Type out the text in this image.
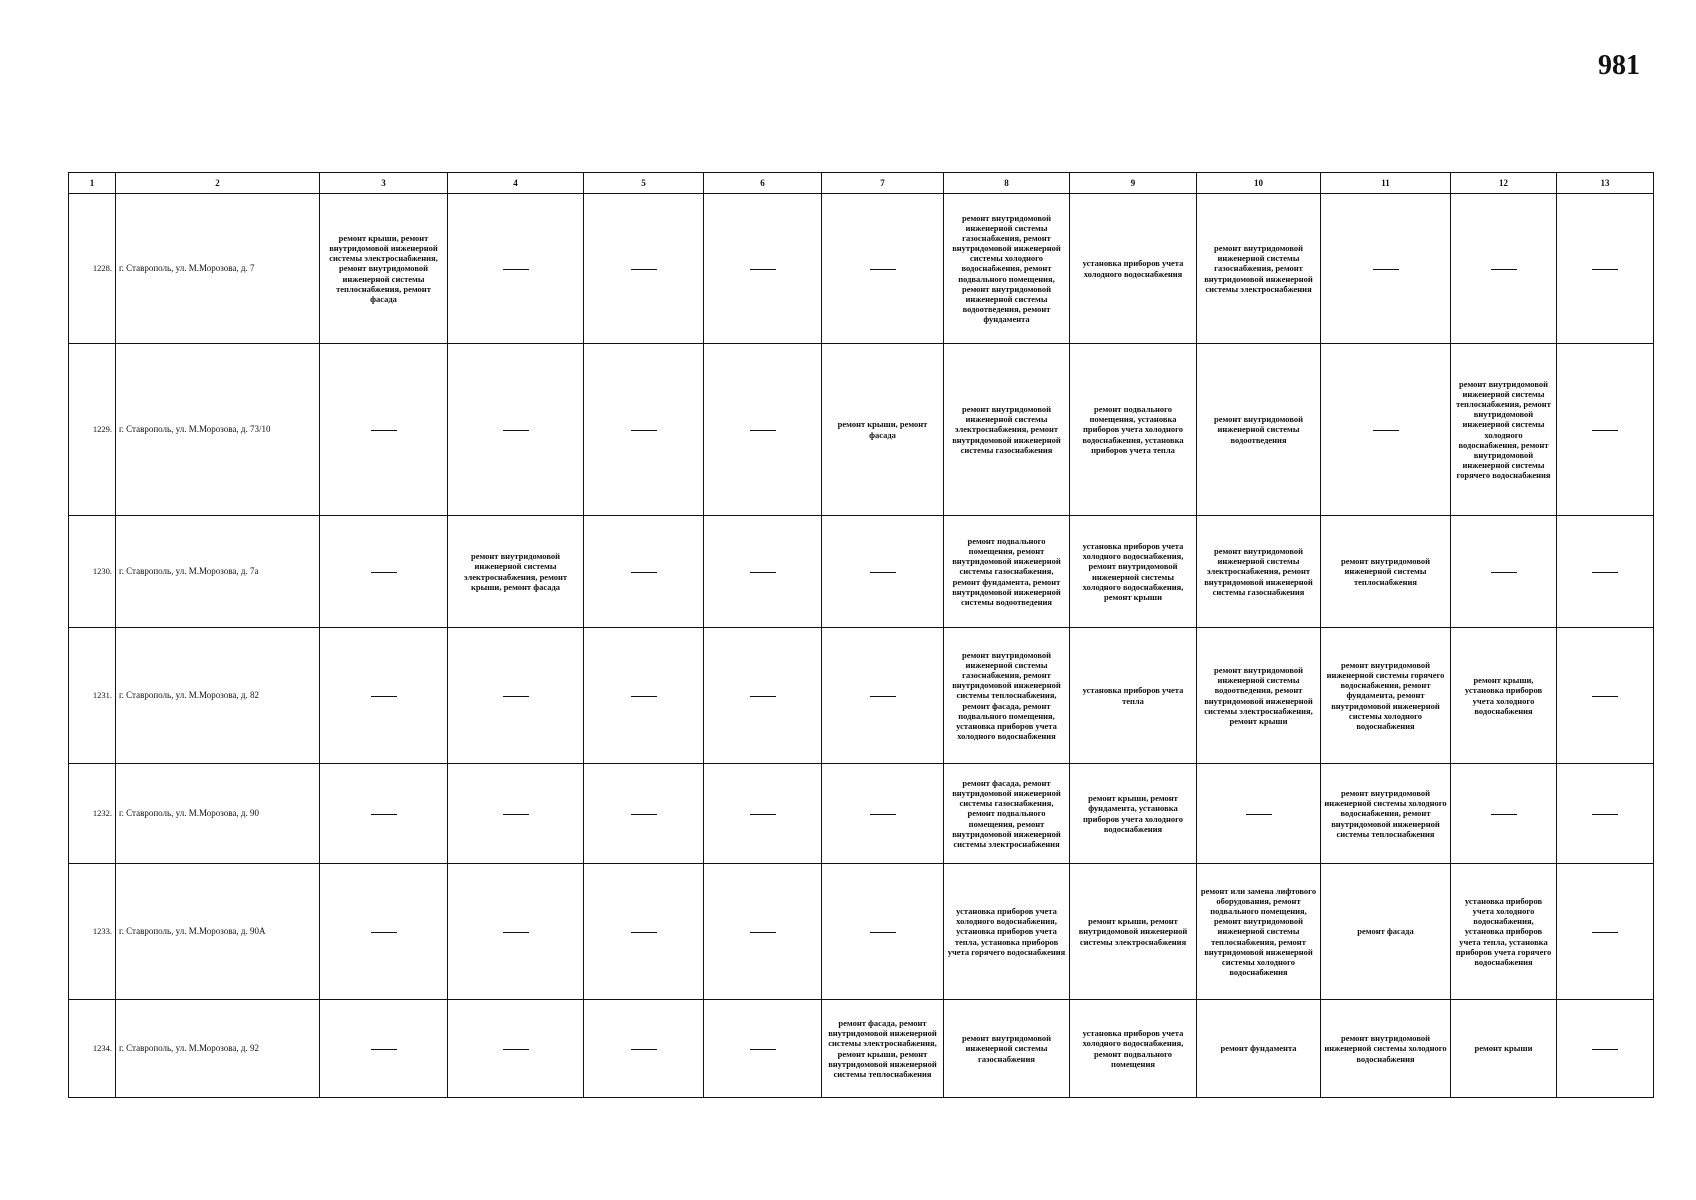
981
1	2	3	4	5	6	7	8	9	10	11	12	13
1228.	г. Ставрополь, ул. М.Морозова, д. 7	ремонт крыши, ремонт внутридомовой инженерной системы электроснабжения, ремонт внутридомовой инженерной системы теплоснабжения, ремонт фасада					ремонт внутридомовой инженерной системы газоснабжения, ремонт внутридомовой инженерной системы холодного водоснабжения, ремонт подвального помещения, ремонт внутридомовой инженерной системы водоотведения, ремонт фундамента	установка приборов учета холодного водоснабжения	ремонт внутридомовой инженерной системы газоснабжения, ремонт внутридомовой инженерной системы электроснабжения			

1229.	г. Ставрополь, ул. М.Морозова, д. 73/10					ремонт крыши, ремонт фасада	ремонт внутридомовой инженерной системы электроснабжения, ремонт внутридомовой инженерной системы газоснабжения	ремонт подвального помещения, установка приборов учета холодного водоснабжения, установка приборов учета тепла	ремонт внутридомовой инженерной системы водоотведения		ремонт внутридомовой инженерной системы теплоснабжения, ремонт внутридомовой инженерной системы холодного водоснабжения, ремонт внутридомовой инженерной системы горячего водоснабжения	

1230.	г. Ставрополь, ул. М.Морозова, д. 7а		ремонт внутридомовой инженерной системы электроснабжения, ремонт крыши, ремонт фасада				ремонт подвального помещения, ремонт внутридомовой инженерной системы газоснабжения, ремонт фундамента, ремонт внутридомовой инженерной системы водоотведения	установка приборов учета холодного водоснабжения, ремонт внутридомовой инженерной системы холодного водоснабжения, ремонт крыши	ремонт внутридомовой инженерной системы электроснабжения, ремонт внутридомовой инженерной системы газоснабжения	ремонт внутридомовой инженерной системы теплоснабжения		

1231.	г. Ставрополь, ул. М.Морозова, д. 82						ремонт внутридомовой инженерной системы газоснабжения, ремонт внутридомовой инженерной системы теплоснабжения, ремонт фасада, ремонт подвального помещения, установка приборов учета холодного водоснабжения	установка приборов учета тепла	ремонт внутридомовой инженерной системы водоотведения, ремонт внутридомовой инженерной системы электроснабжения, ремонт крыши	ремонт внутридомовой инженерной системы горячего водоснабжения, ремонт фундамента, ремонт внутридомовой инженерной системы холодного водоснабжения	ремонт крыши, установка приборов учета холодного водоснабжения	

1232.	г. Ставрополь, ул. М.Морозова, д. 90						ремонт фасада, ремонт внутридомовой инженерной системы газоснабжения, ремонт подвального помещения, ремонт внутридомовой инженерной системы электроснабжения	ремонт крыши, ремонт фундамента, установка приборов учета холодного водоснабжения		ремонт внутридомовой инженерной системы холодного водоснабжения, ремонт внутридомовой инженерной системы теплоснабжения		

1233.	г. Ставрополь, ул. М.Морозова, д. 90А						установка приборов учета холодного водоснабжения, установка приборов учета тепла, установка приборов учета горячего водоснабжения	ремонт крыши, ремонт внутридомовой инженерной системы электроснабжения	ремонт или замена лифтового оборудования, ремонт подвального помещения, ремонт внутридомовой инженерной системы теплоснабжения, ремонт внутридомовой инженерной системы холодного водоснабжения	ремонт фасада	установка приборов учета холодного водоснабжения, установка приборов учета тепла, установка приборов учета горячего водоснабжения	

1234.	г. Ставрополь, ул. М.Морозова, д. 92					ремонт фасада, ремонт внутридомовой инженерной системы электроснабжения, ремонт крыши, ремонт внутридомовой инженерной системы теплоснабжения	ремонт внутридомовой инженерной системы газоснабжения	установка приборов учета холодного водоснабжения, ремонт подвального помещения	ремонт фундамента	ремонт внутридомовой инженерной системы холодного водоснабжения	ремонт крыши	
